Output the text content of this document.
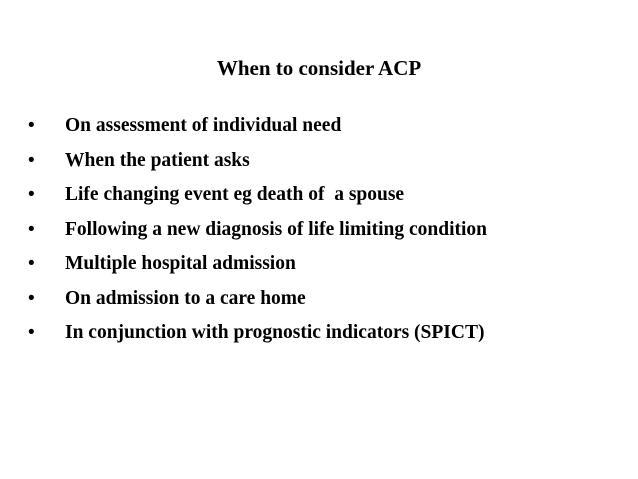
When to consider ACP
•	On assessment of individual need
•	When the patient asks
•	Life changing event eg death of  a spouse
•	Following a new diagnosis of life limiting condition
•	Multiple hospital admission
•	On admission to a care home
•	In conjunction with prognostic indicators (SPICT)
